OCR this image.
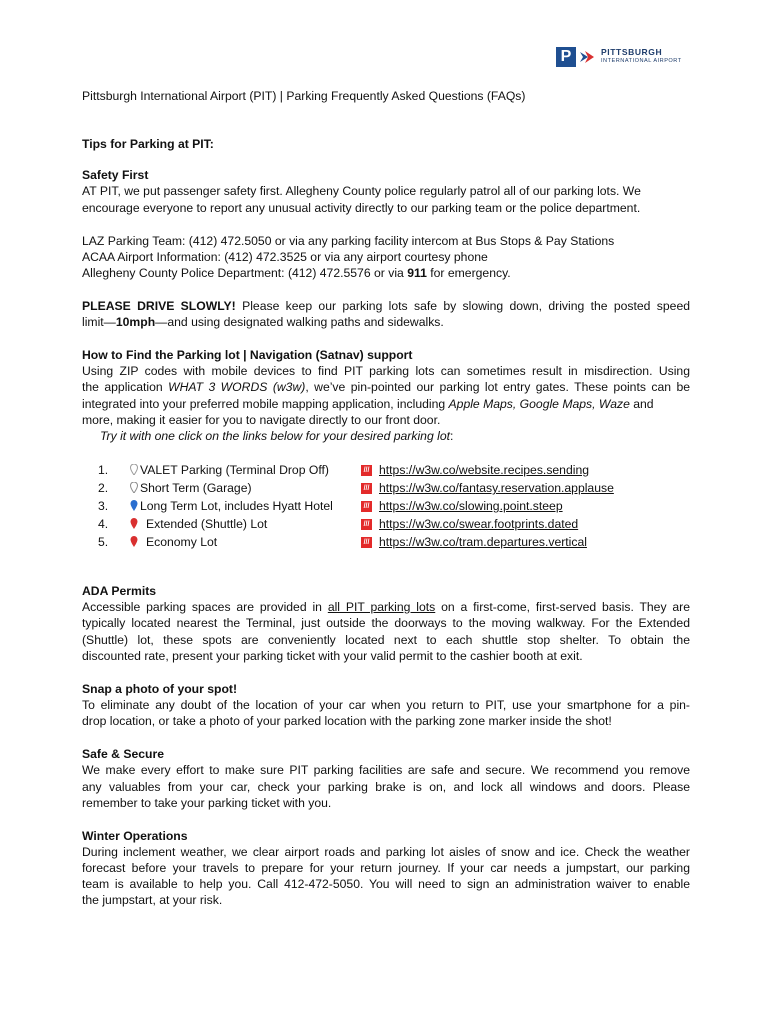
P	PITTSBURGH
INTERNATIONAL AIRPORT
Pittsburgh International Airport (PIT) | Parking Frequently Asked Questions (FAQs)
Tips for Parking at PIT:
Safety First
AT PIT, we put passenger safety first. Allegheny County police regularly patrol all of our parking lots. We
encourage everyone to report any unusual activity directly to our parking team or the police department.
LAZ Parking Team: (412) 472.5050 or via any parking facility intercom at Bus Stops & Pay Stations
ACAA Airport Information: (412) 472.3525 or via any airport courtesy phone
Allegheny County Police Department: (412) 472.5576 or via 911 for emergency.
PLEASE DRIVE SLOWLY! Please keep our parking lots safe by slowing down, driving the posted speed
limit—10mph—and using designated walking paths and sidewalks.
How to Find the Parking lot | Navigation (Satnav) support
Using ZIP codes with mobile devices to find PIT parking lots can sometimes result in misdirection. Using
the application WHAT 3 WORDS (w3w), we’ve pin-pointed our parking lot entry gates. These points can be
integrated into your preferred mobile mapping application, including Apple Maps, Google Maps, Waze and
more, making it easier for you to navigate directly to our front door.
Try it with one click on the links below for your desired parking lot:
1.	VALET Parking (Terminal Drop Off)	/// https://w3w.co/website.recipes.sending
2.	Short Term (Garage)	/// https://w3w.co/fantasy.reservation.applause
3.	Long Term Lot, includes Hyatt Hotel	/// https://w3w.co/slowing.point.steep
4.	Extended (Shuttle) Lot	/// https://w3w.co/swear.footprints.dated
5.	Economy Lot	/// https://w3w.co/tram.departures.vertical
ADA Permits
Accessible parking spaces are provided in all PIT parking lots on a first-come, first-served basis. They are
typically located nearest the Terminal, just outside the doorways to the moving walkway. For the Extended
(Shuttle) lot, these spots are conveniently located next to each shuttle stop shelter. To obtain the
discounted rate, present your parking ticket with your valid permit to the cashier booth at exit.
Snap a photo of your spot!
To eliminate any doubt of the location of your car when you return to PIT, use your smartphone for a pin-
drop location, or take a photo of your parked location with the parking zone marker inside the shot!
Safe & Secure
We make every effort to make sure PIT parking facilities are safe and secure. We recommend you remove
any valuables from your car, check your parking brake is on, and lock all windows and doors. Please
remember to take your parking ticket with you.
Winter Operations
During inclement weather, we clear airport roads and parking lot aisles of snow and ice. Check the weather
forecast before your travels to prepare for your return journey. If your car needs a jumpstart, our parking
team is available to help you. Call 412-472-5050. You will need to sign an administration waiver to enable
the jumpstart, at your risk.
